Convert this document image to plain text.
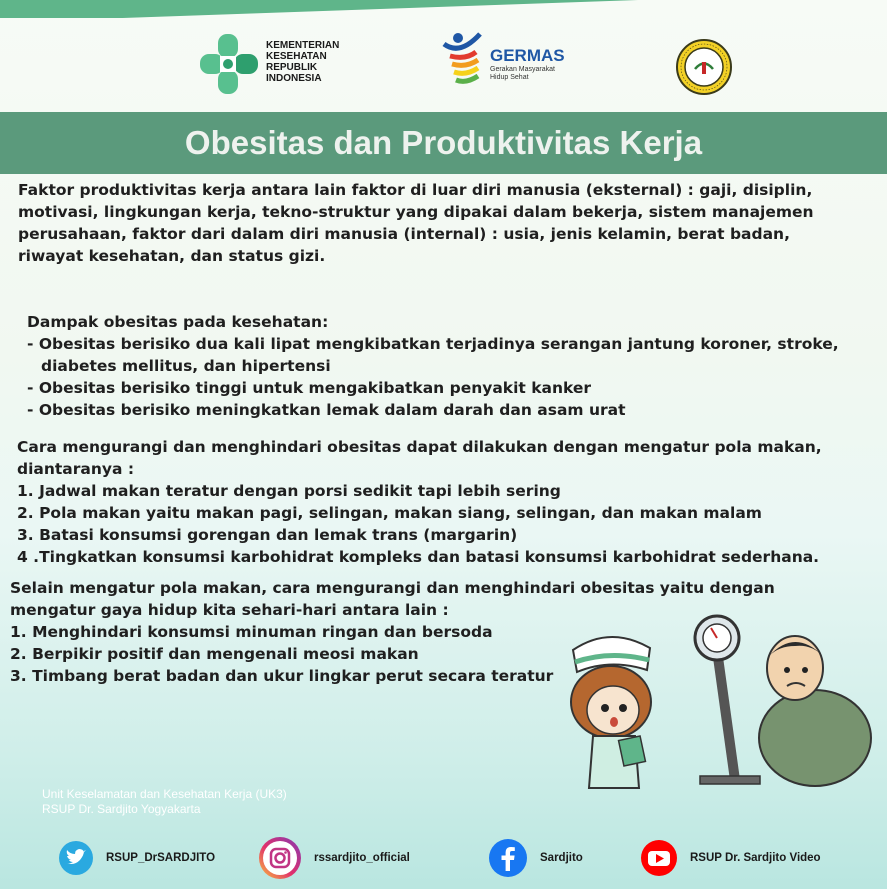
KEMENTERIAN
KESEHATAN
REPUBLIK
INDONESIA
GERMAS
Gerakan Masyarakat
Hidup Sehat
Obesitas dan Produktivitas Kerja
Faktor produktivitas kerja antara lain faktor di luar diri manusia (eksternal) : gaji, disiplin,
motivasi, lingkungan kerja, tekno-struktur yang dipakai dalam bekerja, sistem manajemen
perusahaan, faktor dari dalam diri manusia (internal) : usia, jenis kelamin, berat badan,
riwayat kesehatan, dan status gizi.
Dampak obesitas pada kesehatan:
- Obesitas berisiko dua kali lipat mengkibatkan terjadinya serangan jantung koroner, stroke,
diabetes mellitus, dan hipertensi
- Obesitas berisiko tinggi untuk mengakibatkan penyakit kanker
- Obesitas berisiko meningkatkan lemak dalam darah dan asam urat
Cara mengurangi dan menghindari obesitas dapat dilakukan dengan mengatur pola makan,
diantaranya :
1. Jadwal makan teratur dengan porsi sedikit tapi lebih sering
2. Pola makan yaitu makan pagi, selingan, makan siang, selingan, dan makan malam
3. Batasi konsumsi gorengan dan lemak trans (margarin)
4 .Tingkatkan konsumsi karbohidrat kompleks dan batasi konsumsi karbohidrat sederhana.
Selain mengatur pola makan, cara mengurangi dan menghindari obesitas yaitu dengan
mengatur gaya hidup kita sehari-hari antara lain :
1. Menghindari konsumsi minuman ringan dan bersoda
2. Berpikir positif dan mengenali meosi makan
3. Timbang berat badan dan ukur lingkar perut secara teratur
Unit Keselamatan dan Kesehatan Kerja (UK3)
RSUP Dr. Sardjito Yogyakarta
RSUP_DrSARDJITO	rssardjito_official	Sardjito	RSUP Dr. Sardjito Video
